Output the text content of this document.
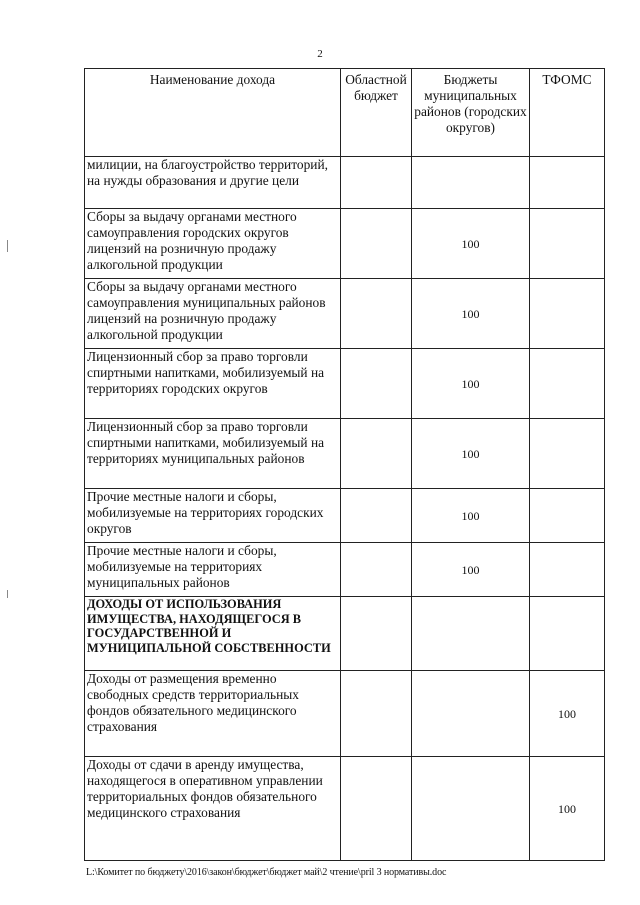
2
Наименование дохода	Областной бюджет	Бюджеты муниципальных районов (городских округов)	ТФОМС
милиции, на благоустройство территорий, на нужды образования и другие цели			
Сборы за выдачу органами местного самоуправления городских округов лицензий на розничную продажу алкогольной продукции		100	
Сборы за выдачу органами местного самоуправления муниципальных районов лицензий на розничную продажу алкогольной продукции		100	
Лицензионный сбор за право торговли спиртными напитками, мобилизуемый на территориях городских округов		100	
Лицензионный сбор за право торговли спиртными напитками, мобилизуемый на территориях муниципальных районов		100	
Прочие местные налоги и сборы, мобилизуемые на территориях городских округов		100	
Прочие местные налоги и сборы, мобилизуемые на территориях муниципальных районов		100	
ДОХОДЫ ОТ ИСПОЛЬЗОВАНИЯ ИМУЩЕСТВА, НАХОДЯЩЕГОСЯ В ГОСУДАРСТВЕННОЙ И МУНИЦИПАЛЬНОЙ СОБСТВЕННОСТИ			
Доходы от размещения временно свободных средств территориальных фондов обязательного медицинского страхования			100
Доходы от сдачи в аренду имущества, находящегося в оперативном управлении территориальных фондов обязательного медицинского страхования			100
L:\Комитет по бюджету\2016\закон\бюджет\бюджет май\2 чтение\pril 3 нормативы.doc
